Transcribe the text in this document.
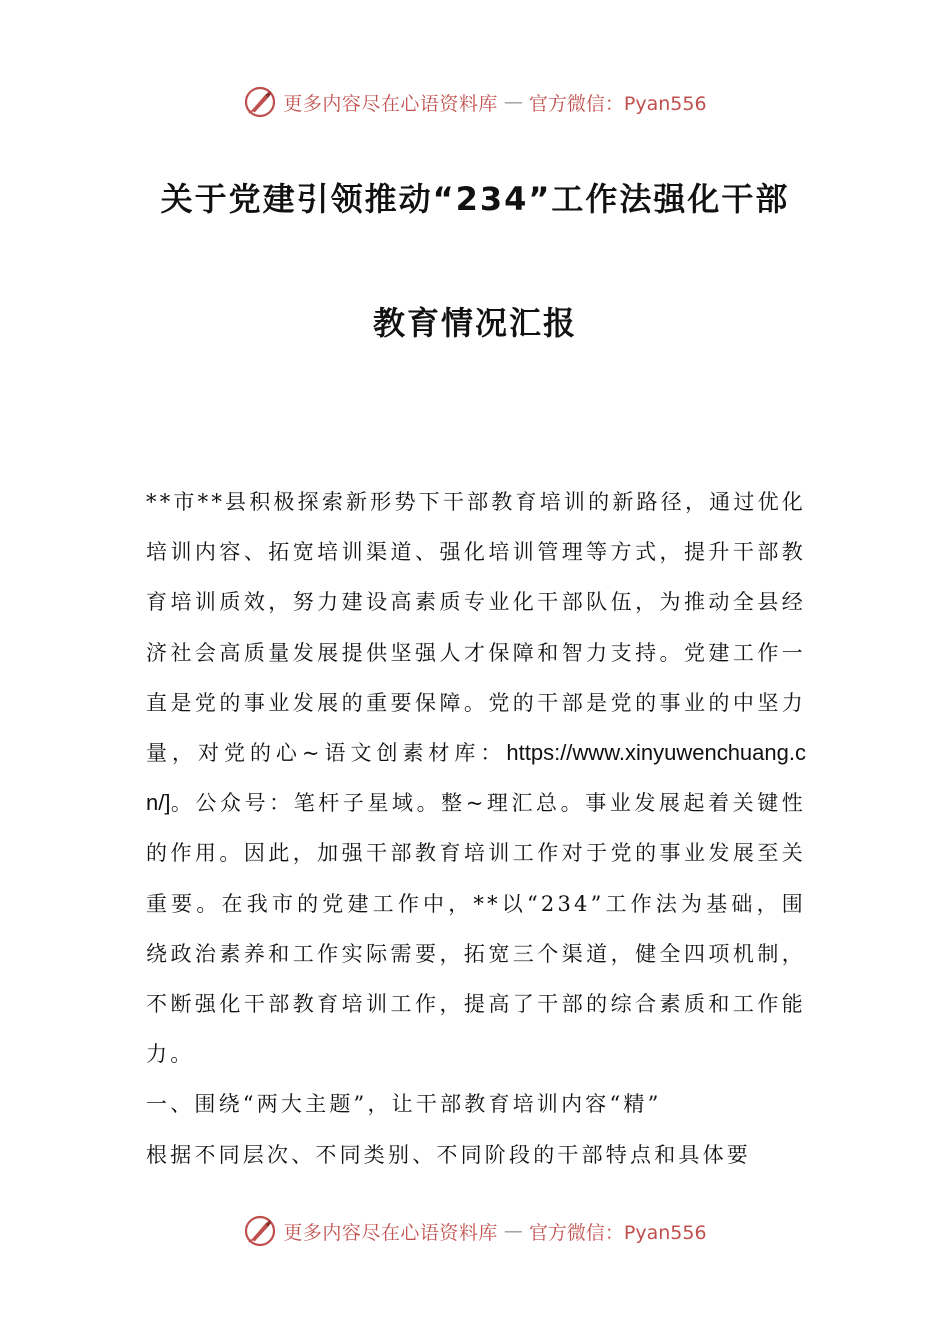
更多内容尽在心语资料库 — 官方微信：Pyan556
关于党建引领推动“234”工作法强化干部
教育情况汇报

**市**县积极探索新形势下干部教育培训的新路径，通过优化培训内容、拓宽培训渠道、强化培训管理等方式，提升干部教育培训质效，努力建设高素质专业化干部队伍，为推动全县经济社会高质量发展提供坚强人才保障和智力支持。党建工作一直是党的事业发展的重要保障。党的干部是党的事业的中坚力量，对党的心~语文创素材库：https://www.xinyuwenchuang.cn/]。公众号：笔杆子星域。整~理汇总。事业发展起着关键性的作用。因此，加强干部教育培训工作对于党的事业发展至关重要。在我市的党建工作中，**以“234”工作法为基础，围绕政治素养和工作实际需要，拓宽三个渠道，健全四项机制，不断强化干部教育培训工作，提高了干部的综合素质和工作能力。

一、围绕“两大主题”，让干部教育培训内容“精”

根据不同层次、不同类别、不同阶段的干部特点和具体要

更多内容尽在心语资料库 — 官方微信：Pyan556
